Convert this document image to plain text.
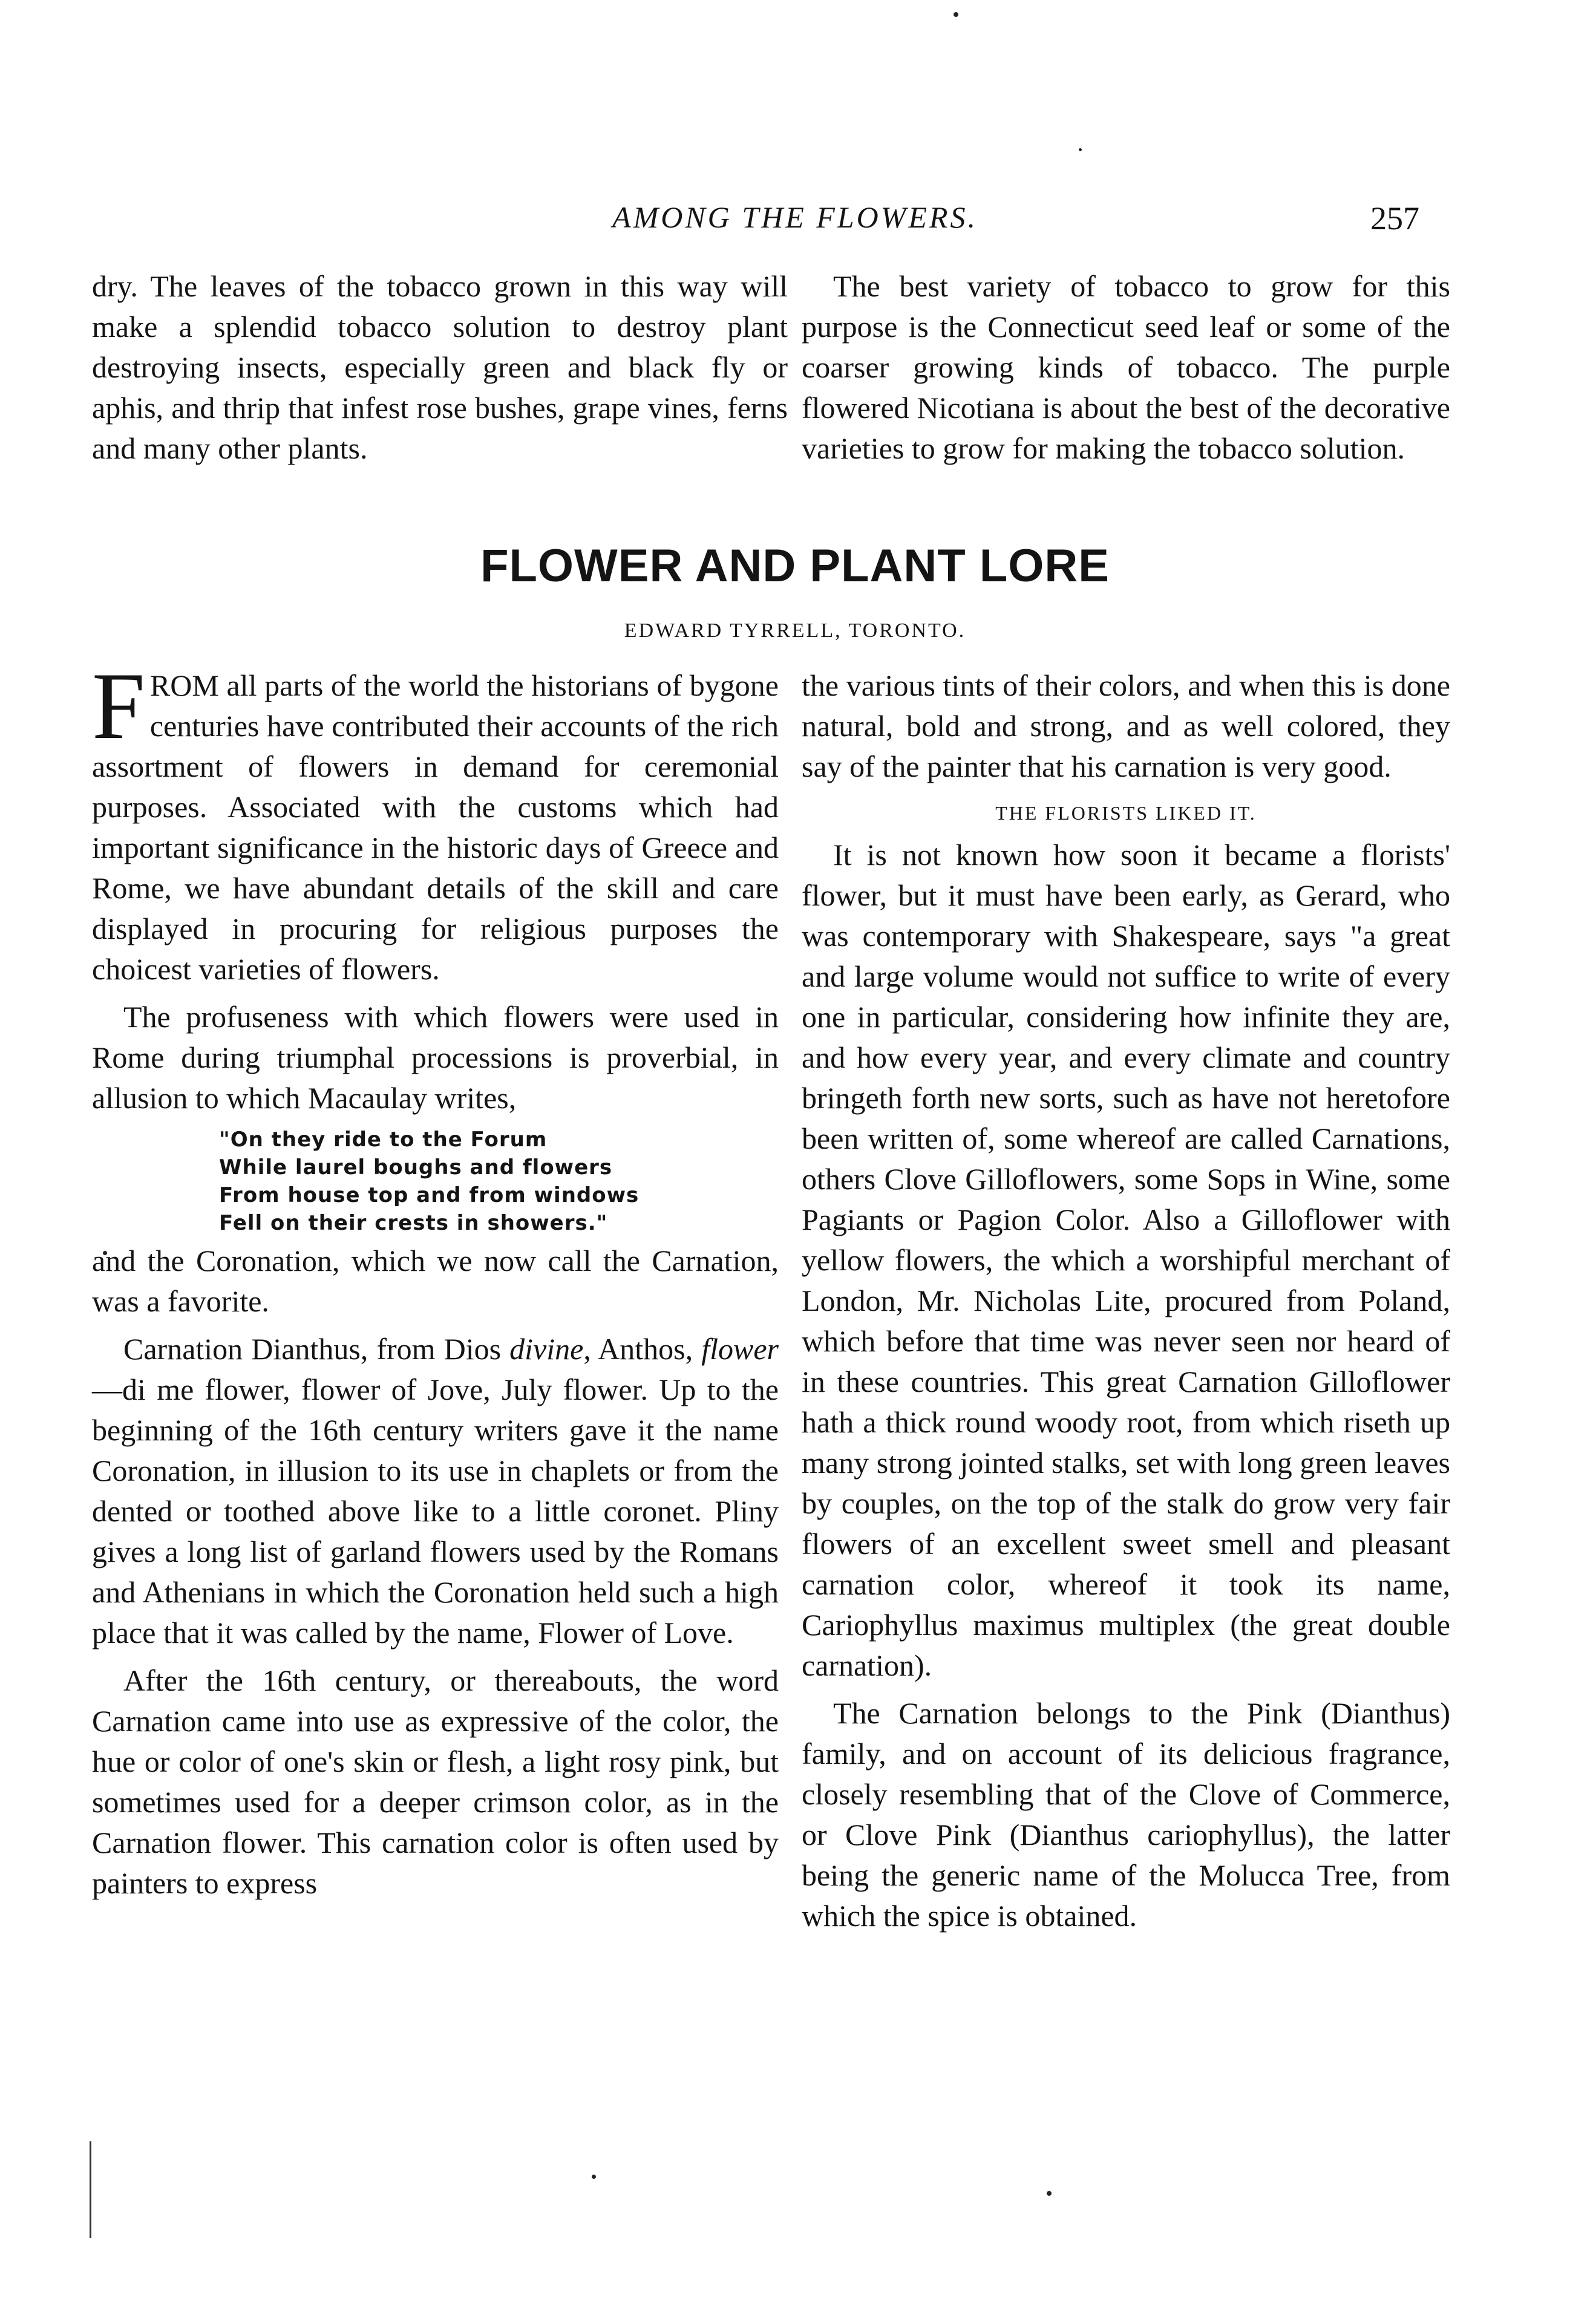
AMONG THE FLOWERS.	257

dry. The leaves of the tobacco grown in this way will make a splendid tobacco solution to destroy plant destroying insects, especially green and black fly or aphis, and thrip that infest rose bushes, grape vines, ferns and many other plants.

The best variety of tobacco to grow for this purpose is the Connecticut seed leaf or some of the coarser growing kinds of tobacco. The purple flowered Nicotiana is about the best of the decorative varieties to grow for making the tobacco solution.

FLOWER AND PLANT LORE
EDWARD TYRRELL, TORONTO.

FROM all parts of the world the historians of bygone centuries have contributed their accounts of the rich assortment of flowers in demand for ceremonial purposes. Associated with the customs which had important significance in the historic days of Greece and Rome, we have abundant details of the skill and care displayed in procuring for religious purposes the choicest varieties of flowers.

The profuseness with which flowers were used in Rome during triumphal processions is proverbial, in allusion to which Macaulay writes,

"On they ride to the Forum
While laurel boughs and flowers
From house top and from windows
Fell on their crests in showers."

and the Coronation, which we now call the Carnation, was a favorite.

Carnation Dianthus, from Dios divine, Anthos, flower—di me flower, flower of Jove, July flower. Up to the beginning of the 16th century writers gave it the name Coronation, in illusion to its use in chaplets or from the dented or toothed above like to a little coronet. Pliny gives a long list of garland flowers used by the Romans and Athenians in which the Coronation held such a high place that it was called by the name, Flower of Love.

After the 16th century, or thereabouts, the word Carnation came into use as expressive of the color, the hue or color of one's skin or flesh, a light rosy pink, but sometimes used for a deeper crimson color, as in the Carnation flower. This carnation color is often used by painters to express

the various tints of their colors, and when this is done natural, bold and strong, and as well colored, they say of the painter that his carnation is very good.

THE FLORISTS LIKED IT.

It is not known how soon it became a florists' flower, but it must have been early, as Gerard, who was contemporary with Shakespeare, says "a great and large volume would not suffice to write of every one in particular, considering how infinite they are, and how every year, and every climate and country bringeth forth new sorts, such as have not heretofore been written of, some whereof are called Carnations, others Clove Gilloflowers, some Sops in Wine, some Pagiants or Pagion Color. Also a Gilloflower with yellow flowers, the which a worshipful merchant of London, Mr. Nicholas Lite, procured from Poland, which before that time was never seen nor heard of in these countries. This great Carnation Gilloflower hath a thick round woody root, from which riseth up many strong jointed stalks, set with long green leaves by couples, on the top of the stalk do grow very fair flowers of an excellent sweet smell and pleasant carnation color, whereof it took its name, Cariophyllus maximus multiplex (the great double carnation).

The Carnation belongs to the Pink (Dianthus) family, and on account of its delicious fragrance, closely resembling that of the Clove of Commerce, or Clove Pink (Dianthus cariophyllus), the latter being the generic name of the Molucca Tree, from which the spice is obtained.
